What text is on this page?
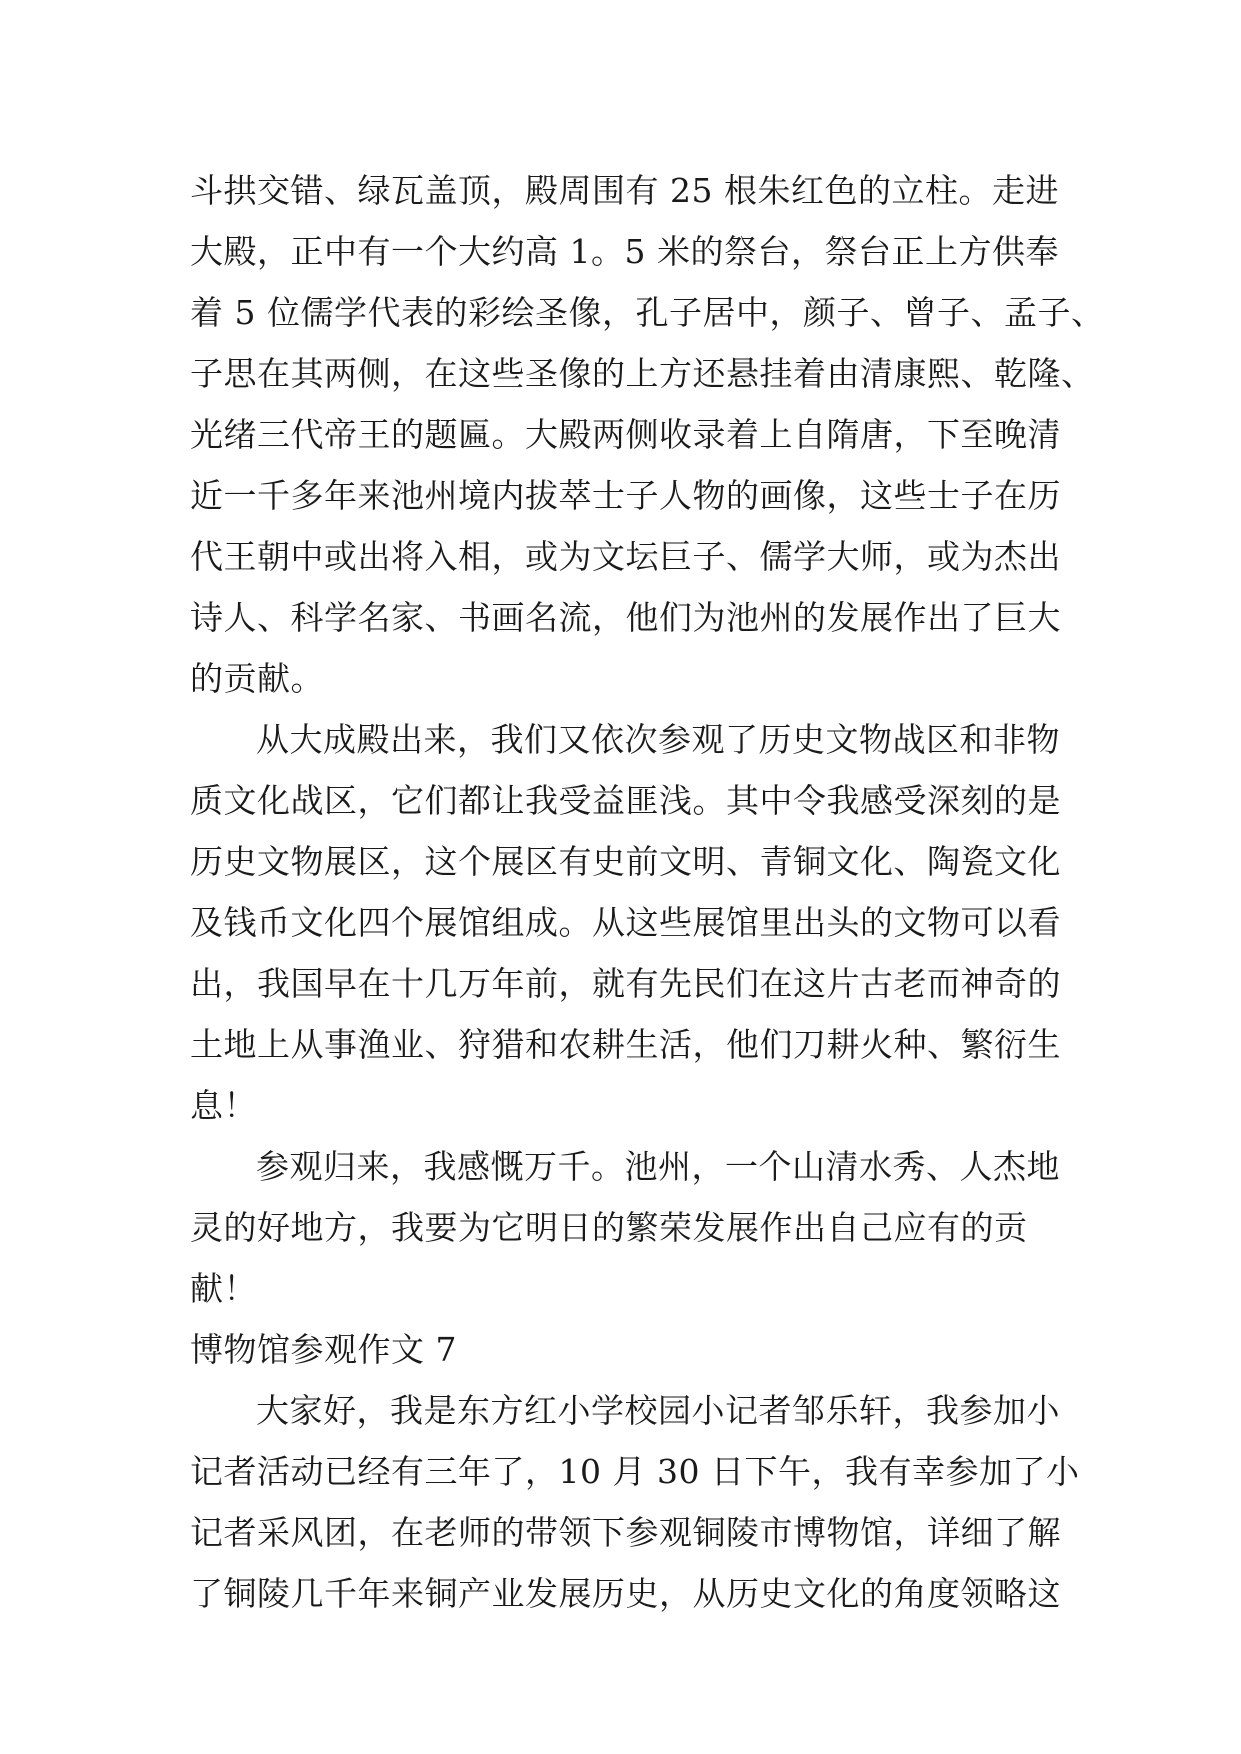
斗拱交错、绿瓦盖顶，殿周围有 25 根朱红色的立柱。走进
大殿，正中有一个大约高 1。5 米的祭台，祭台正上方供奉
着 5 位儒学代表的彩绘圣像，孔子居中，颜子、曾子、孟子、
子思在其两侧，在这些圣像的上方还悬挂着由清康熙、乾隆、
光绪三代帝王的题匾。大殿两侧收录着上自隋唐，下至晚清
近一千多年来池州境内拔萃士子人物的画像，这些士子在历
代王朝中或出将入相，或为文坛巨子、儒学大师，或为杰出
诗人、科学名家、书画名流，他们为池州的发展作出了巨大
的贡献。
从大成殿出来，我们又依次参观了历史文物战区和非物
质文化战区，它们都让我受益匪浅。其中令我感受深刻的是
历史文物展区，这个展区有史前文明、青铜文化、陶瓷文化
及钱币文化四个展馆组成。从这些展馆里出头的文物可以看
出，我国早在十几万年前，就有先民们在这片古老而神奇的
土地上从事渔业、狩猎和农耕生活，他们刀耕火种、繁衍生
息！
参观归来，我感慨万千。池州，一个山清水秀、人杰地
灵的好地方，我要为它明日的繁荣发展作出自己应有的贡
献！
博物馆参观作文 7
大家好，我是东方红小学校园小记者邹乐轩，我参加小
记者活动已经有三年了，10 月 30 日下午，我有幸参加了小
记者采风团，在老师的带领下参观铜陵市博物馆，详细了解
了铜陵几千年来铜产业发展历史，从历史文化的角度领略这
